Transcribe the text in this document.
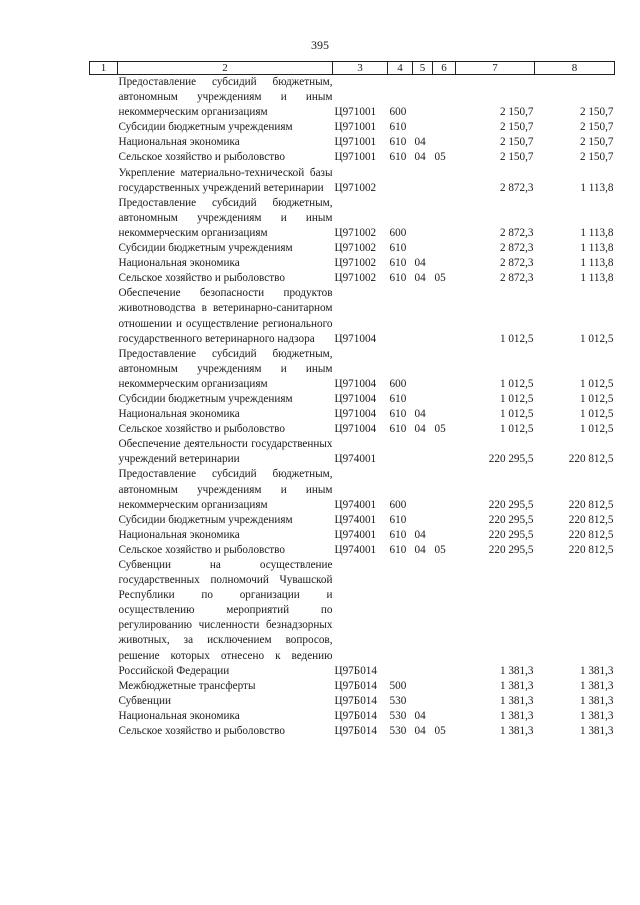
395
1	2	3	4	5	6	7	8
	Предоставление субсидий бюджетным, автономным учреждениям и иным некоммерческим организациям	Ц971001	600			2 150,7	2 150,7
	Субсидии бюджетным учреждениям	Ц971001	610			2 150,7	2 150,7
	Национальная экономика	Ц971001	610	04		2 150,7	2 150,7
	Сельское хозяйство и рыболовство	Ц971001	610	04	05	2 150,7	2 150,7
	Укрепление материально-технической базы государственных учреждений ветеринарии	Ц971002				2 872,3	1 113,8
	Предоставление субсидий бюджетным, автономным учреждениям и иным некоммерческим организациям	Ц971002	600			2 872,3	1 113,8
	Субсидии бюджетным учреждениям	Ц971002	610			2 872,3	1 113,8
	Национальная экономика	Ц971002	610	04		2 872,3	1 113,8
	Сельское хозяйство и рыболовство	Ц971002	610	04	05	2 872,3	1 113,8
	Обеспечение безопасности продуктов животноводства в ветеринарно-санитарном отношении и осуществление регионального государственного ветеринарного надзора	Ц971004				1 012,5	1 012,5
	Предоставление субсидий бюджетным, автономным учреждениям и иным некоммерческим организациям	Ц971004	600			1 012,5	1 012,5
	Субсидии бюджетным учреждениям	Ц971004	610			1 012,5	1 012,5
	Национальная экономика	Ц971004	610	04		1 012,5	1 012,5
	Сельское хозяйство и рыболовство	Ц971004	610	04	05	1 012,5	1 012,5
	Обеспечение деятельности государственных учреждений ветеринарии	Ц974001				220 295,5	220 812,5
	Предоставление субсидий бюджетным, автономным учреждениям и иным некоммерческим организациям	Ц974001	600			220 295,5	220 812,5
	Субсидии бюджетным учреждениям	Ц974001	610			220 295,5	220 812,5
	Национальная экономика	Ц974001	610	04		220 295,5	220 812,5
	Сельское хозяйство и рыболовство	Ц974001	610	04	05	220 295,5	220 812,5
	Субвенции на осуществление государственных полномочий Чувашской Республики по организации и осуществлению мероприятий по регулированию численности безнадзорных животных, за исключением вопросов, решение которых отнесено к ведению Российской Федерации	Ц97Б014				1 381,3	1 381,3
	Межбюджетные трансферты	Ц97Б014	500			1 381,3	1 381,3
	Субвенции	Ц97Б014	530			1 381,3	1 381,3
	Национальная экономика	Ц97Б014	530	04		1 381,3	1 381,3
	Сельское хозяйство и рыболовство	Ц97Б014	530	04	05	1 381,3	1 381,3
